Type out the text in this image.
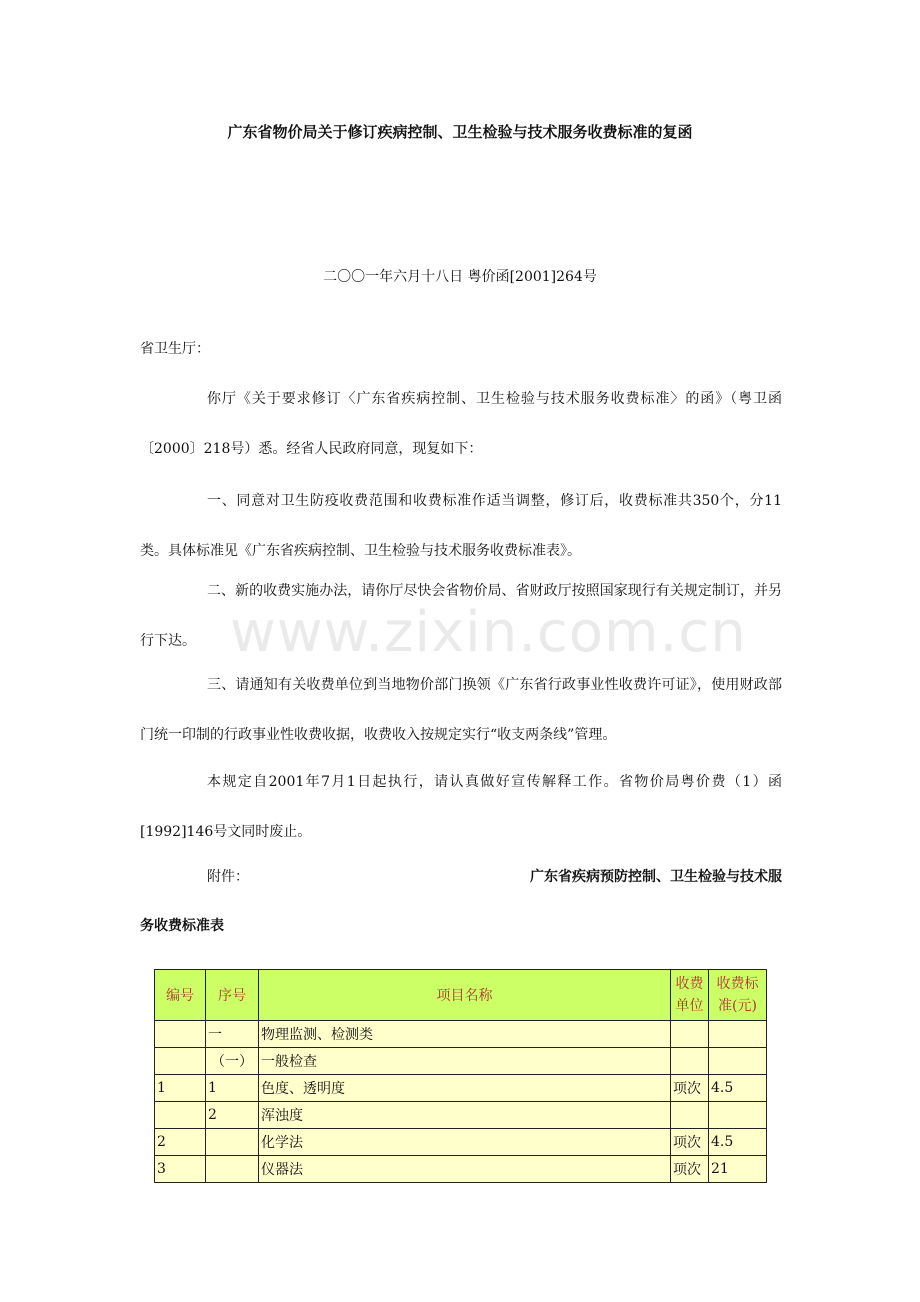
广东省物价局关于修订疾病控制、卫生检验与技术服务收费标准的复函
二〇〇一年六月十八日 粤价函[2001]264号
省卫生厅：
你厅《关于要求修订〈广东省疾病控制、卫生检验与技术服务收费标准〉的函》（粤卫函〔2000〕218号）悉。经省人民政府同意，现复如下：
一、同意对卫生防疫收费范围和收费标准作适当调整，修订后，收费标准共350个，分11类。具体标准见《广东省疾病控制、卫生检验与技术服务收费标准表》。
二、新的收费实施办法，请你厅尽快会省物价局、省财政厅按照国家现行有关规定制订，并另行下达。
三、请通知有关收费单位到当地物价部门换领《广东省行政事业性收费许可证》，使用财政部门统一印制的行政事业性收费收据，收费收入按规定实行“收支两条线”管理。
本规定自2001年7月1日起执行，请认真做好宣传解释工作。省物价局粤价费（1）函[1992]146号文同时废止。
www.zixin.com.cn
附件：	广东省疾病预防控制、卫生检验与技术服
务收费标准表
编号	序号	项目名称	收费单位	收费标准(元)
	一	物理监测、检测类		
	（一）	一般检查		
1	1	色度、透明度	项次	4.5
	2	浑浊度		
2		化学法	项次	4.5
3		仪器法	项次	21
